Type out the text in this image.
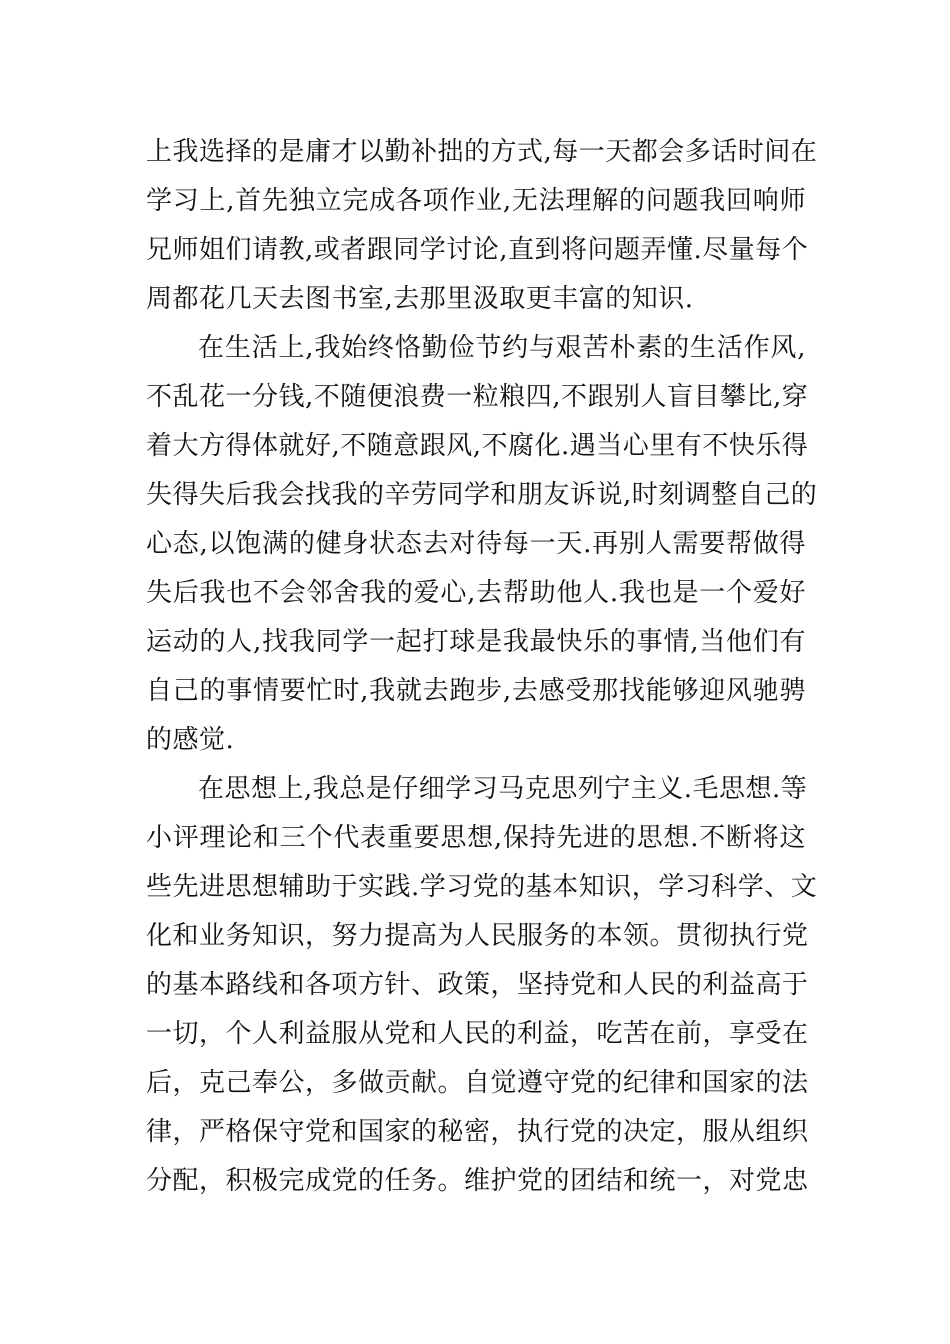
上我选择的是庸才以勤补拙的方式,每一天都会多话时间在
学习上,首先独立完成各项作业,无法理解的问题我回响师
兄师姐们请教,或者跟同学讨论,直到将问题弄懂.尽量每个
周都花几天去图书室,去那里汲取更丰富的知识.
在生活上,我始终恪勤俭节约与艰苦朴素的生活作风,
不乱花一分钱,不随便浪费一粒粮四,不跟别人盲目攀比,穿
着大方得体就好,不随意跟风,不腐化.遇当心里有不快乐得
失得失后我会找我的辛劳同学和朋友诉说,时刻调整自己的
心态,以饱满的健身状态去对待每一天.再别人需要帮做得
失后我也不会邻舍我的爱心,去帮助他人.我也是一个爱好
运动的人,找我同学一起打球是我最快乐的事情,当他们有
自己的事情要忙时,我就去跑步,去感受那找能够迎风驰骋
的感觉.
在思想上,我总是仔细学习马克思列宁主义.毛思想.等
小评理论和三个代表重要思想,保持先进的思想.不断将这
些先进思想辅助于实践.学习党的基本知识，学习科学、文
化和业务知识，努力提高为人民服务的本领。贯彻执行党
的基本路线和各项方针、政策，坚持党和人民的利益高于
一切，个人利益服从党和人民的利益，吃苦在前，享受在
后，克己奉公，多做贡献。自觉遵守党的纪律和国家的法
律，严格保守党和国家的秘密，执行党的决定，服从组织
分配，积极完成党的任务。维护党的团结和统一，对党忠
